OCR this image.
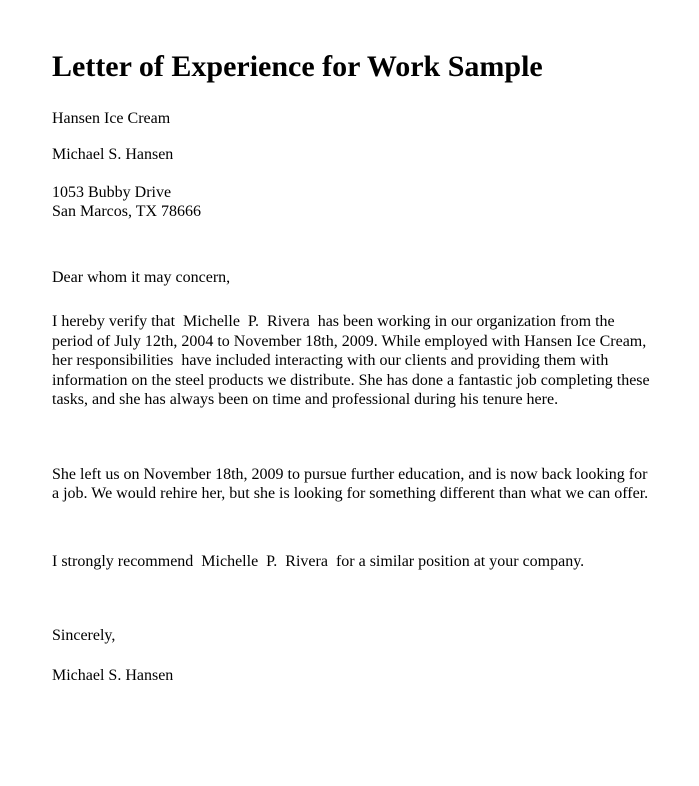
Letter of Experience for Work Sample

Hansen Ice Cream

Michael S. Hansen

1053 Bubby Drive

San Marcos, TX 78666

Dear whom it may concern,

I hereby verify that  Michelle  P.  Rivera  has been working in our organization from the period of July 12th, 2004 to November 18th, 2009. While employed with Hansen Ice Cream, her responsibilities  have included interacting with our clients and providing them with information on the steel products we distribute. She has done a fantastic job completing these tasks, and she has always been on time and professional during his tenure here.

She left us on November 18th, 2009 to pursue further education, and is now back looking for a job. We would rehire her, but she is looking for something different than what we can offer.

I strongly recommend  Michelle  P.  Rivera  for a similar position at your company.

Sincerely,

Michael S. Hansen
